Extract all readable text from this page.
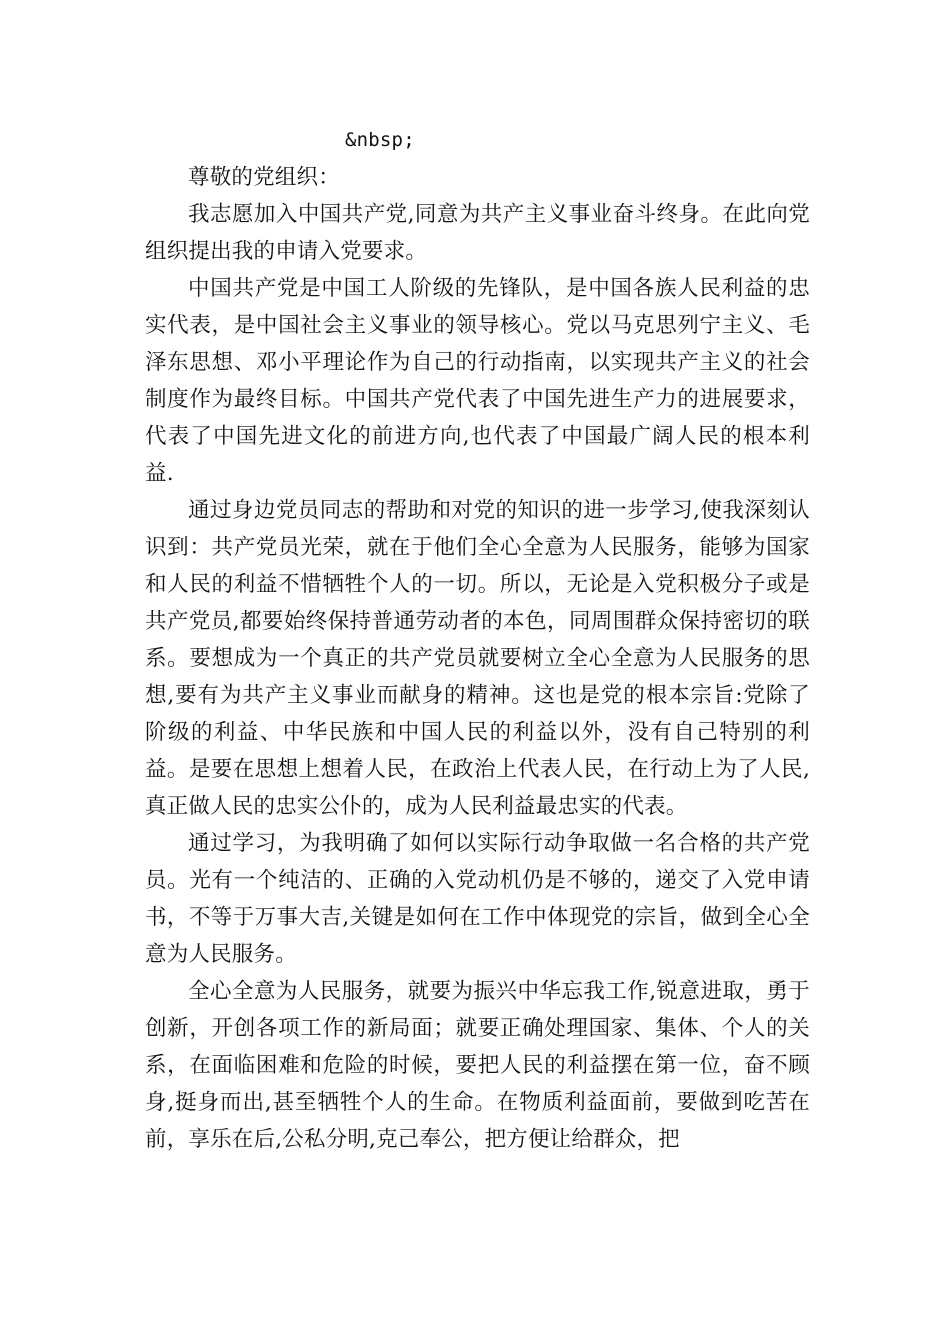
&nbsp;

尊敬的党组织：

我志愿加入中国共产党,同意为共产主义事业奋斗终身。在此向党组织提出我的申请入党要求。

中国共产党是中国工人阶级的先锋队，是中国各族人民利益的忠实代表，是中国社会主义事业的领导核心。党以马克思列宁主义、毛泽东思想、邓小平理论作为自己的行动指南，以实现共产主义的社会制度作为最终目标。中国共产党代表了中国先进生产力的进展要求，代表了中国先进文化的前进方向,也代表了中国最广阔人民的根本利益.

通过身边党员同志的帮助和对党的知识的进一步学习,使我深刻认识到：共产党员光荣，就在于他们全心全意为人民服务，能够为国家和人民的利益不惜牺牲个人的一切。所以，无论是入党积极分子或是共产党员,都要始终保持普通劳动者的本色，同周围群众保持密切的联系。要想成为一个真正的共产党员就要树立全心全意为人民服务的思想,要有为共产主义事业而献身的精神。这也是党的根本宗旨:党除了阶级的利益、中华民族和中国人民的利益以外，没有自己特别的利益。是要在思想上想着人民，在政治上代表人民，在行动上为了人民,真正做人民的忠实公仆的，成为人民利益最忠实的代表。

通过学习，为我明确了如何以实际行动争取做一名合格的共产党员。光有一个纯洁的、正确的入党动机仍是不够的，递交了入党申请书，不等于万事大吉,关键是如何在工作中体现党的宗旨，做到全心全意为人民服务。

全心全意为人民服务，就要为振兴中华忘我工作,锐意进取，勇于创新，开创各项工作的新局面；就要正确处理国家、集体、个人的关系，在面临困难和危险的时候，要把人民的利益摆在第一位，奋不顾身,挺身而出,甚至牺牲个人的生命。在物质利益面前，要做到吃苦在前，享乐在后,公私分明,克己奉公，把方便让给群众，把
